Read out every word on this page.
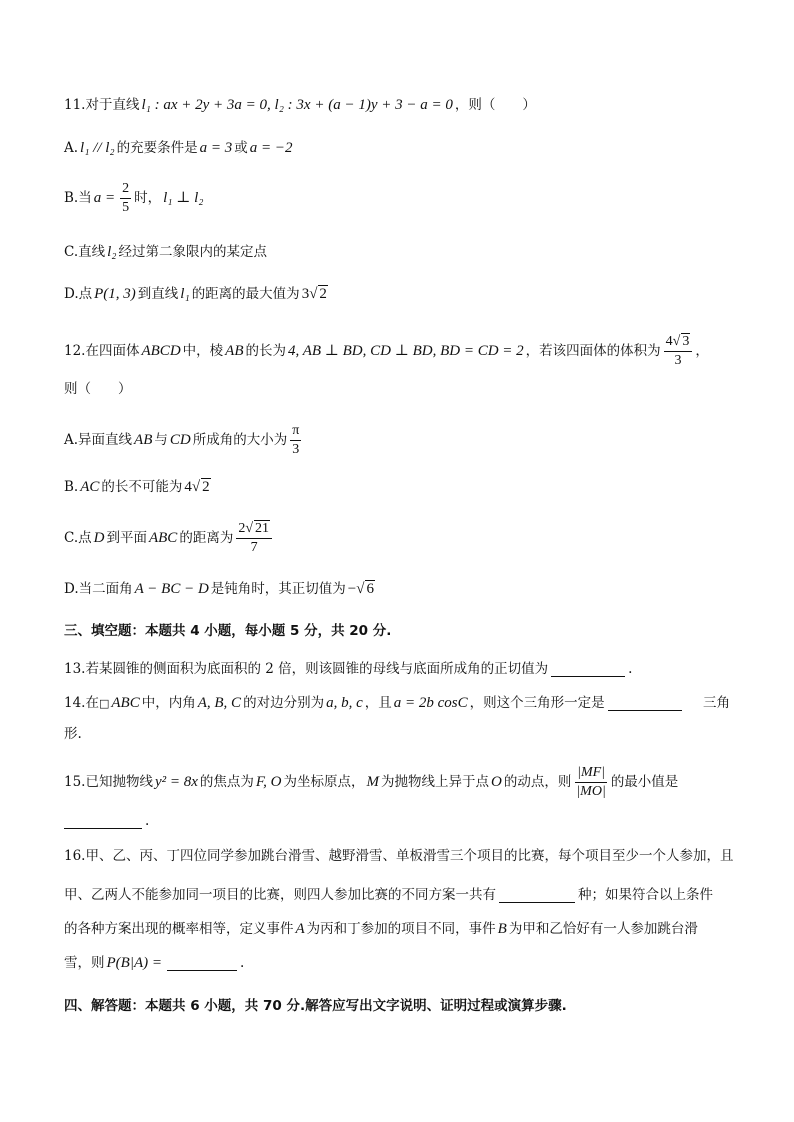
11.对于直线 l₁ : ax + 2y + 3a = 0, l₂ : 3x + (a − 1)y + 3 − a = 0 ，则（　　）
A. l₁ // l₂ 的充要条件是 a = 3 或 a = −2
B.当 $a = \frac{2}{5}$ 时， l₁ ⊥ l₂
C.直线 l₂ 经过第二象限内的某定点
D.点 P(1, 3) 到直线 l₁ 的距离的最大值为 3√ 2
12.在四面体 ABCD 中，棱 AB 的长为 4, AB ⊥ BD, CD ⊥ BD, BD = CD = 2 ，若该四面体的体积为 $\frac{4√ 3}{3}$ ，
则（　　）
A.异面直线 AB 与 CD 所成角的大小为 $\frac{\pi}{3}$
B. AC 的长不可能为 4√ 2
C.点 D 到平面 ABC 的距离为 $\frac{2√ 21}{7}$
D.当二面角 A − BC − D 是钝角时，其正切值为 −√ 6
三、填空题：本题共 4 小题，每小题 5 分，共 20 分.
13.若某圆锥的侧面积为底面积的 2 倍，则该圆锥的母线与底面所成角的正切值为	.
14.在 □ ABC 中，内角 A, B, C 的对边分别为 a, b, c ，且 a = 2b cosC ，则这个三角形一定是	三角
形.
15.已知抛物线 y² = 8x 的焦点为 F, O 为坐标原点， M 为抛物线上异于点 O 的动点，则 $\frac{|MF|}{|MO|}$ 的最小值是
.
16.甲、乙、丙、丁四位同学参加跳台滑雪、越野滑雪、单板滑雪三个项目的比赛，每个项目至少一个人参加，且
甲、乙两人不能参加同一项目的比赛，则四人参加比赛的不同方案一共有	种；如果符合以上条件
的各种方案出现的概率相等，定义事件 A 为丙和丁参加的项目不同，事件 B 为甲和乙恰好有一人参加跳台滑
雪，则 P(B|A) =	.
四、解答题：本题共 6 小题，共 70 分.解答应写出文字说明、证明过程或演算步骤.
